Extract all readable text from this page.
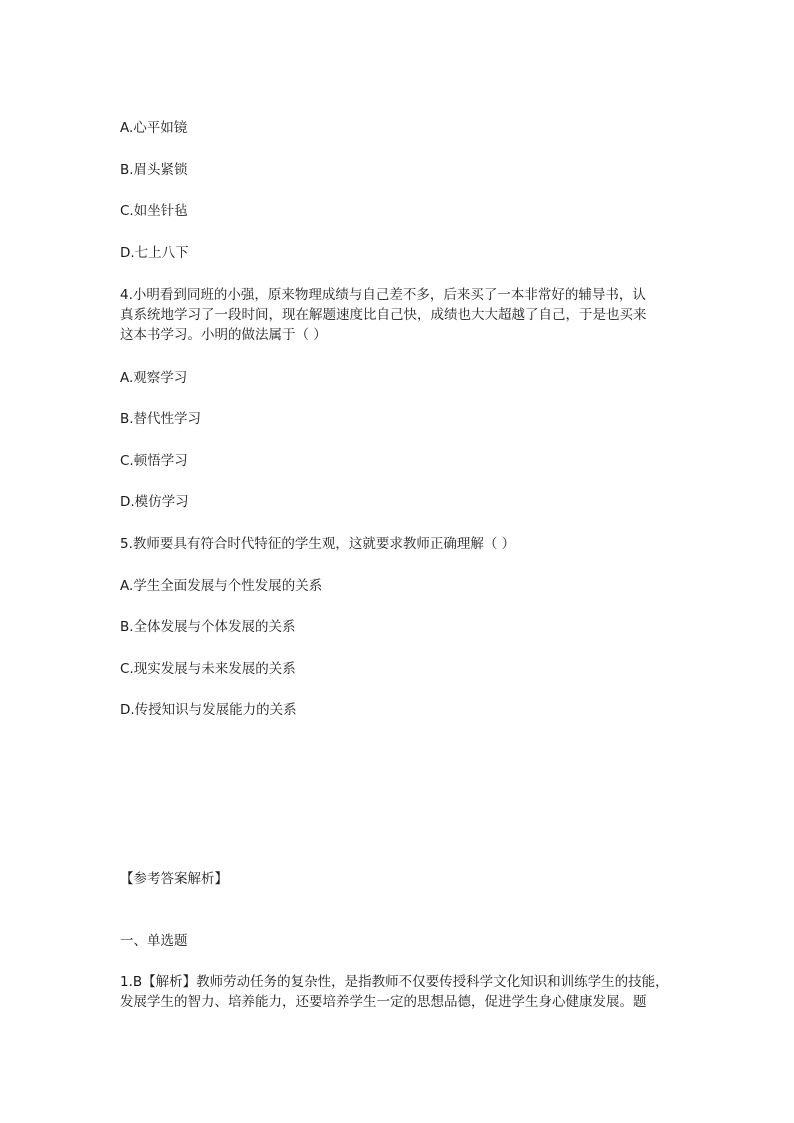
A.心平如镜
B.眉头紧锁
C.如坐针毡
D.七上八下
4.小明看到同班的小强，原来物理成绩与自己差不多，后来买了一本非常好的辅导书，认
真系统地学习了一段时间，现在解题速度比自己快，成绩也大大超越了自己，于是也买来
这本书学习。小明的做法属于（ ）
A.观察学习
B.替代性学习
C.顿悟学习
D.模仿学习
5.教师要具有符合时代特征的学生观，这就要求教师正确理解（ ）
A.学生全面发展与个性发展的关系
B.全体发展与个体发展的关系
C.现实发展与未来发展的关系
D.传授知识与发展能力的关系
【参考答案解析】
一、单选题
1.B【解析】教师劳动任务的复杂性，是指教师不仅要传授科学文化知识和训练学生的技能，
发展学生的智力、培养能力，还要培养学生一定的思想品德，促进学生身心健康发展。题
